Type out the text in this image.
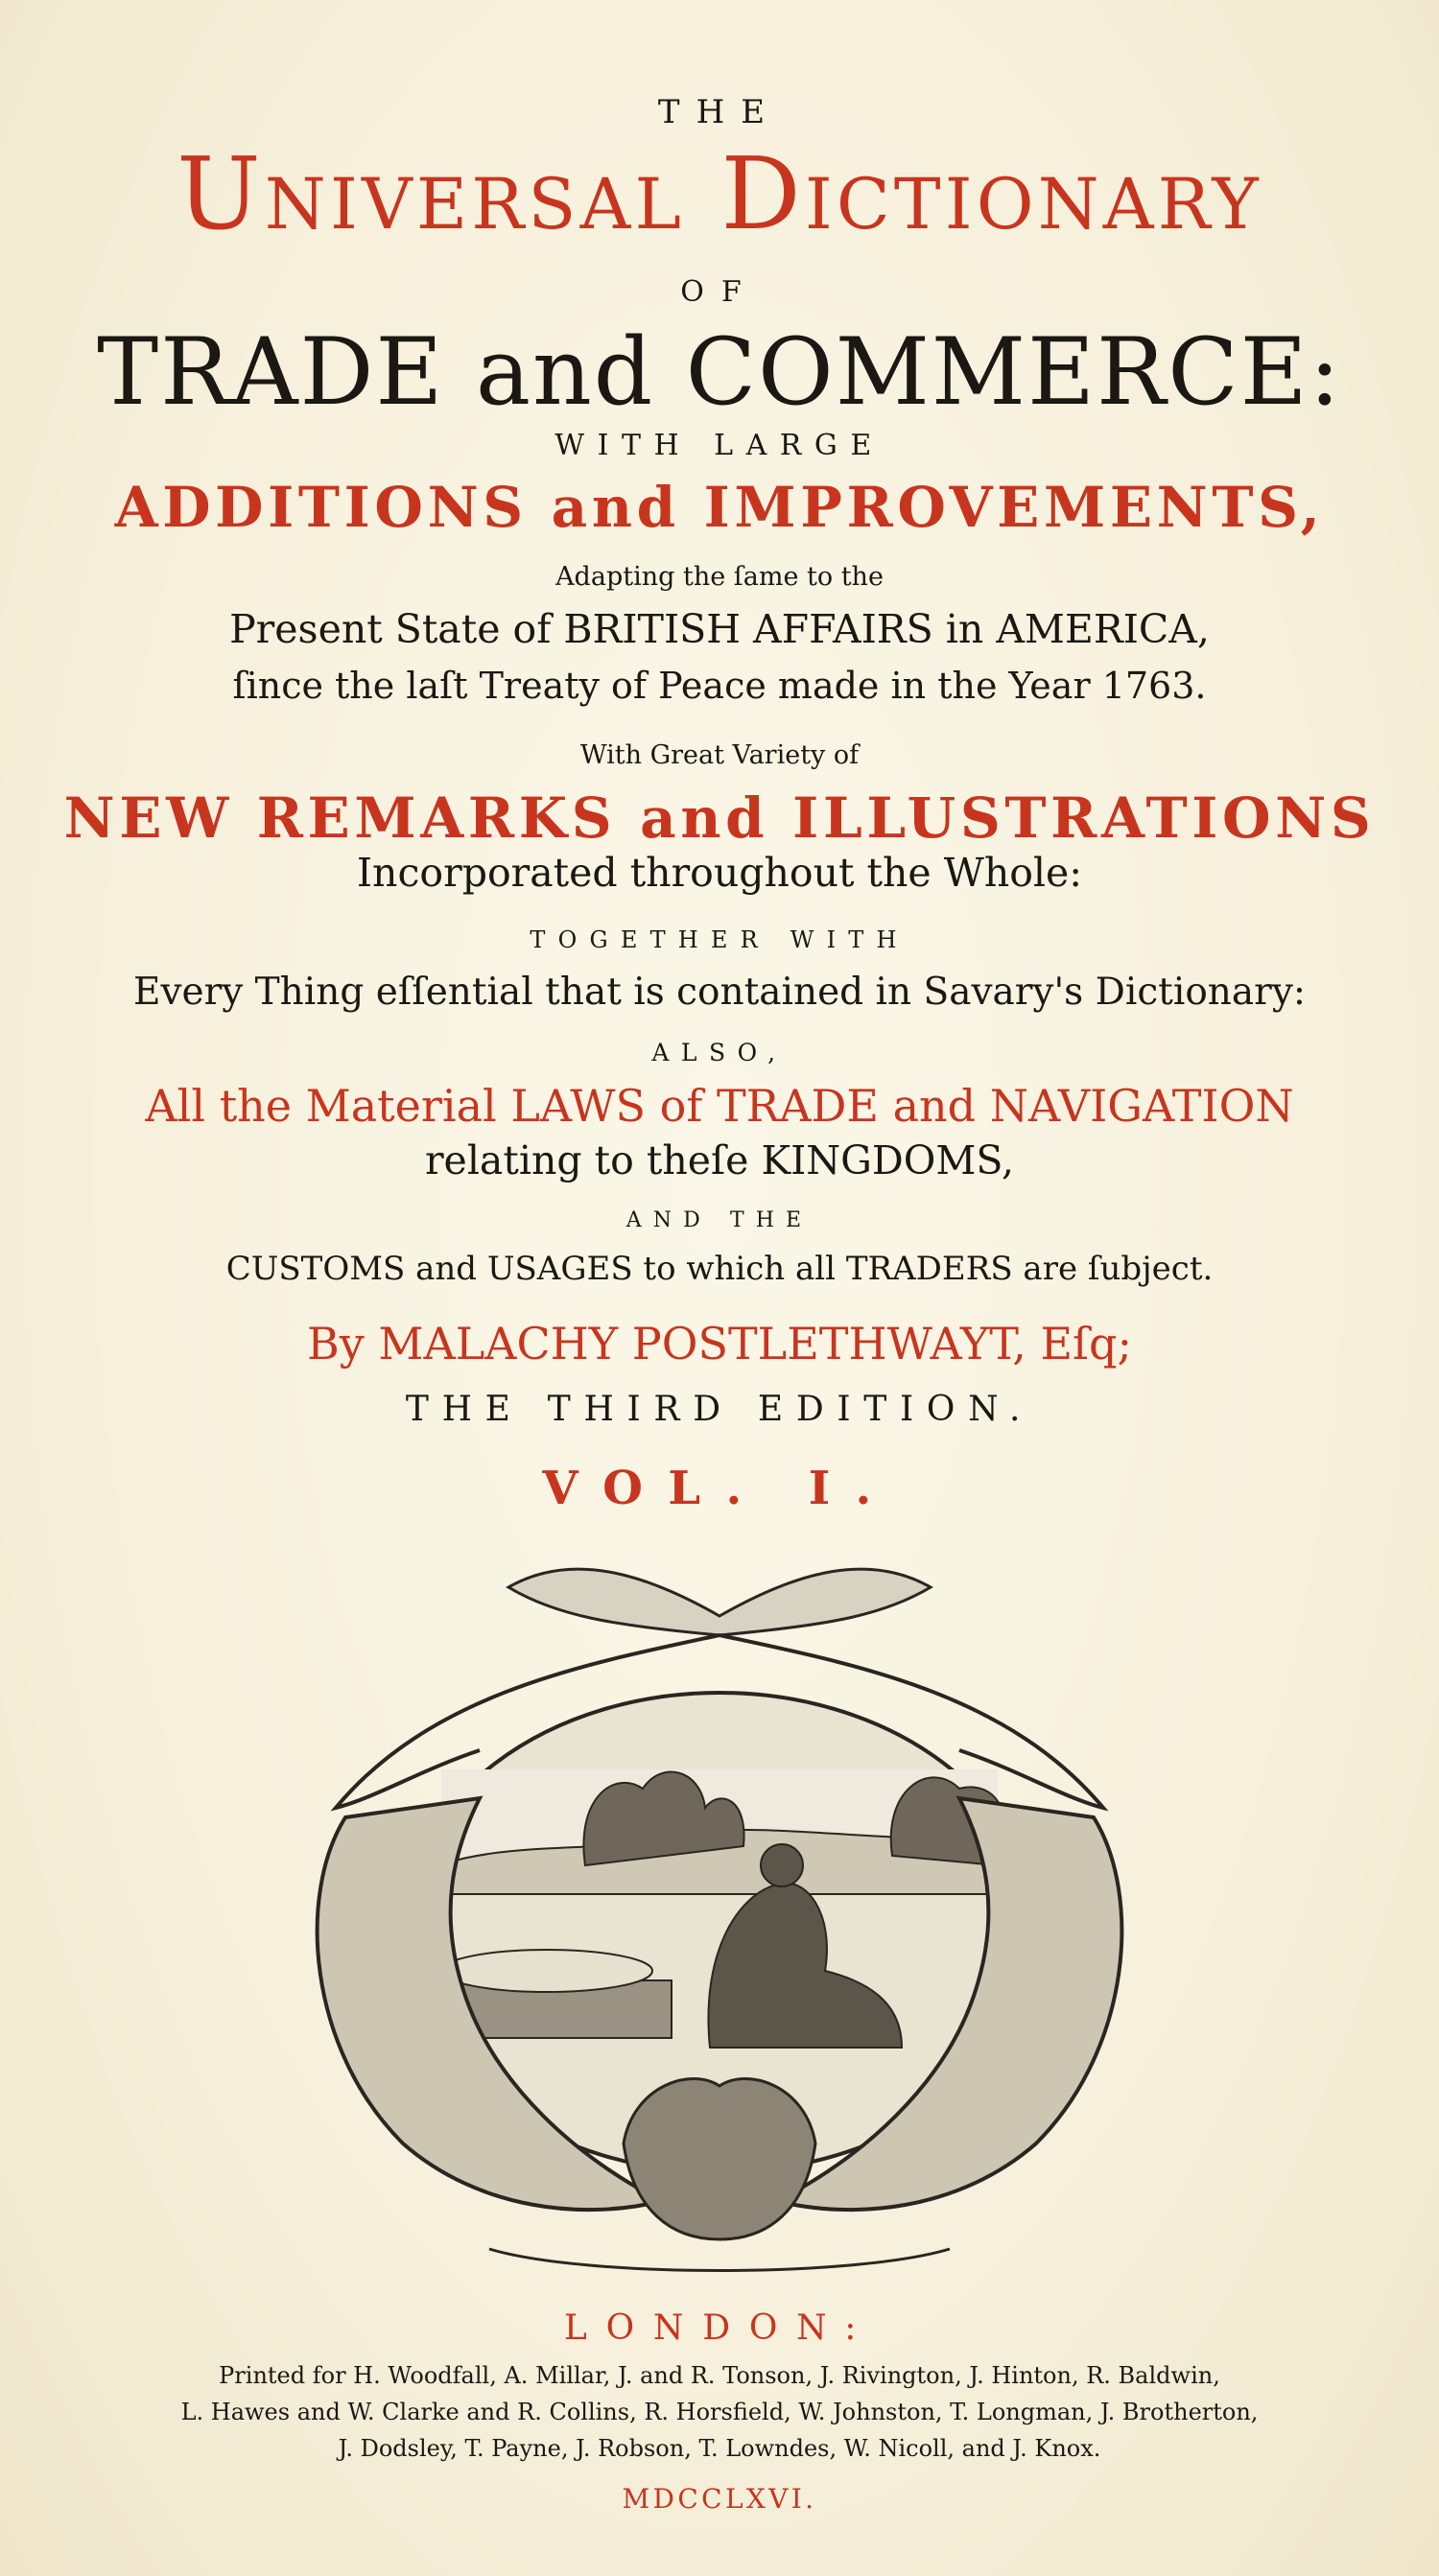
THE
Universal Dictionary
OF
TRADE and COMMERCE:
WITH LARGE
ADDITIONS and IMPROVEMENTS,
Adapting the ſame to the
Present State of BRITISH AFFAIRS in AMERICA,
ſince the laſt Treaty of Peace made in the Year 1763.
With Great Variety of
NEW REMARKS and ILLUSTRATIONS
Incorporated throughout the Whole:
TOGETHER WITH
Every Thing eſſential that is contained in Savary's Dictionary:
ALSO,
All the Material LAWS of TRADE and NAVIGATION
relating to theſe KINGDOMS,
AND THE
CUSTOMS and USAGES to which all TRADERS are ſubject.
By MALACHY POSTLETHWAYT, Eſq;
THE THIRD EDITION.
VOL. I.
LONDON:
Printed for H. Woodfall, A. Millar, J. and R. Tonson, J. Rivington, J. Hinton, R. Baldwin,
L. Hawes and W. Clarke and R. Collins, R. Horsfield, W. Johnston, T. Longman, J. Brotherton,
J. Dodsley, T. Payne, J. Robson, T. Lowndes, W. Nicoll, and J. Knox.
MDCCLXVI.
